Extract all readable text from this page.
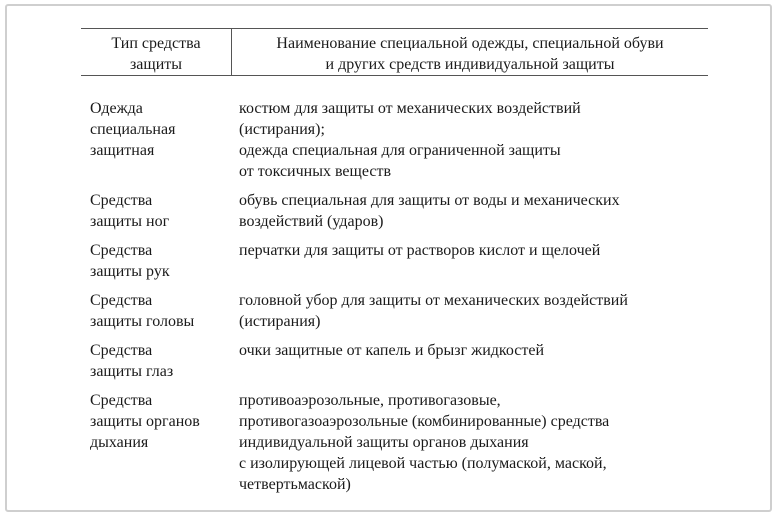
Тип средства
защиты
Наименование специальной одежды, специальной обуви
и других средств индивидуальной защиты
Одежда
специальная
защитная
костюм для защиты от механических воздействий
(истирания);
одежда специальная для ограниченной защиты
от токсичных веществ
Средства
защиты ног
обувь специальная для защиты от воды и механических
воздействий (ударов)
Средства
защиты рук
перчатки для защиты от растворов кислот и щелочей
Средства
защиты головы
головной убор для защиты от механических воздействий
(истирания)
Средства
защиты глаз
очки защитные от капель и брызг жидкостей
Средства
защиты органов
дыхания
противоаэрозольные, противогазовые,
противогазоаэрозольные (комбинированные) средства
индивидуальной защиты органов дыхания
с изолирующей лицевой частью (полумаской, маской,
четвертьмаской)
